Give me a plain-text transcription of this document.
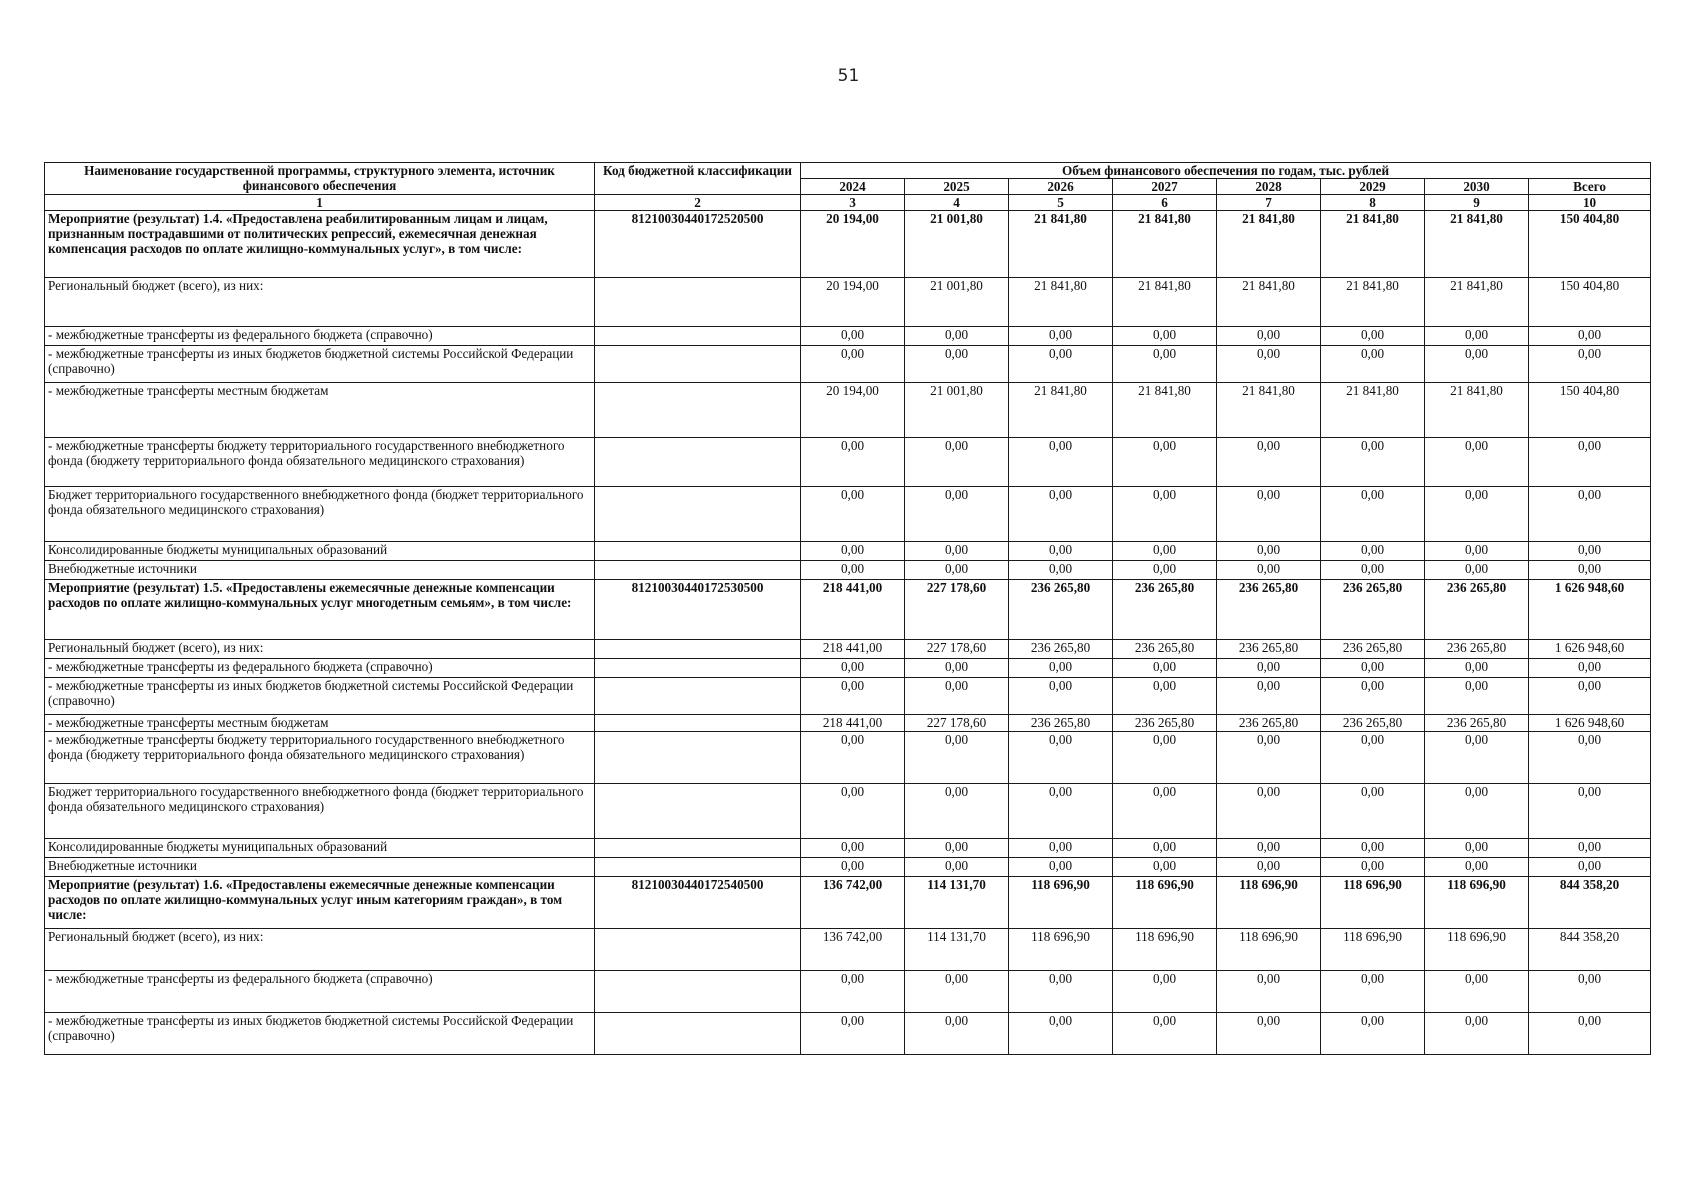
51
Наименование государственной программы, структурного элемента, источник финансового обеспечения	Код бюджетной классификации	Объем финансового обеспечения по годам, тыс. рублей							
		2024	2025	2026	2027	2028	2029	2030	Всего
1	2	3	4	5	6	7	8	9	10
Мероприятие (результат) 1.4. «Предоставлена реабилитированным лицам и лицам, признанным пострадавшими от политических репрессий, ежемесячная денежная компенсация расходов по оплате жилищно-коммунальных услуг», в том числе:	81210030440172520500	20 194,00	21 001,80	21 841,80	21 841,80	21 841,80	21 841,80	21 841,80	150 404,80
Региональный бюджет (всего), из них:		20 194,00	21 001,80	21 841,80	21 841,80	21 841,80	21 841,80	21 841,80	150 404,80
- межбюджетные трансферты из федерального бюджета (справочно)		0,00	0,00	0,00	0,00	0,00	0,00	0,00	0,00
- межбюджетные трансферты из иных бюджетов бюджетной системы Российской Федерации (справочно)		0,00	0,00	0,00	0,00	0,00	0,00	0,00	0,00
- межбюджетные трансферты местным бюджетам		20 194,00	21 001,80	21 841,80	21 841,80	21 841,80	21 841,80	21 841,80	150 404,80
- межбюджетные трансферты бюджету территориального государственного внебюджетного фонда (бюджету территориального фонда обязательного медицинского страхования)		0,00	0,00	0,00	0,00	0,00	0,00	0,00	0,00
Бюджет территориального государственного внебюджетного фонда (бюджет территориального фонда обязательного медицинского страхования)		0,00	0,00	0,00	0,00	0,00	0,00	0,00	0,00
Консолидированные бюджеты муниципальных образований		0,00	0,00	0,00	0,00	0,00	0,00	0,00	0,00
Внебюджетные источники		0,00	0,00	0,00	0,00	0,00	0,00	0,00	0,00
Мероприятие (результат) 1.5. «Предоставлены ежемесячные денежные компенсации расходов по оплате жилищно-коммунальных услуг многодетным семьям», в том числе:	81210030440172530500	218 441,00	227 178,60	236 265,80	236 265,80	236 265,80	236 265,80	236 265,80	1 626 948,60
Региональный бюджет (всего), из них:		218 441,00	227 178,60	236 265,80	236 265,80	236 265,80	236 265,80	236 265,80	1 626 948,60
- межбюджетные трансферты из федерального бюджета (справочно)		0,00	0,00	0,00	0,00	0,00	0,00	0,00	0,00
- межбюджетные трансферты из иных бюджетов бюджетной системы Российской Федерации (справочно)		0,00	0,00	0,00	0,00	0,00	0,00	0,00	0,00
- межбюджетные трансферты местным бюджетам		218 441,00	227 178,60	236 265,80	236 265,80	236 265,80	236 265,80	236 265,80	1 626 948,60
- межбюджетные трансферты бюджету территориального государственного внебюджетного фонда (бюджету территориального фонда обязательного медицинского страхования)		0,00	0,00	0,00	0,00	0,00	0,00	0,00	0,00
Бюджет территориального государственного внебюджетного фонда (бюджет территориального фонда обязательного медицинского страхования)		0,00	0,00	0,00	0,00	0,00	0,00	0,00	0,00
Консолидированные бюджеты муниципальных образований		0,00	0,00	0,00	0,00	0,00	0,00	0,00	0,00
Внебюджетные источники		0,00	0,00	0,00	0,00	0,00	0,00	0,00	0,00
Мероприятие (результат) 1.6. «Предоставлены ежемесячные денежные компенсации расходов по оплате жилищно-коммунальных услуг иным категориям граждан», в том числе:	81210030440172540500	136 742,00	114 131,70	118 696,90	118 696,90	118 696,90	118 696,90	118 696,90	844 358,20
Региональный бюджет (всего), из них:		136 742,00	114 131,70	118 696,90	118 696,90	118 696,90	118 696,90	118 696,90	844 358,20
- межбюджетные трансферты из федерального бюджета (справочно)		0,00	0,00	0,00	0,00	0,00	0,00	0,00	0,00
- межбюджетные трансферты из иных бюджетов бюджетной системы Российской Федерации (справочно)		0,00	0,00	0,00	0,00	0,00	0,00	0,00	0,00
